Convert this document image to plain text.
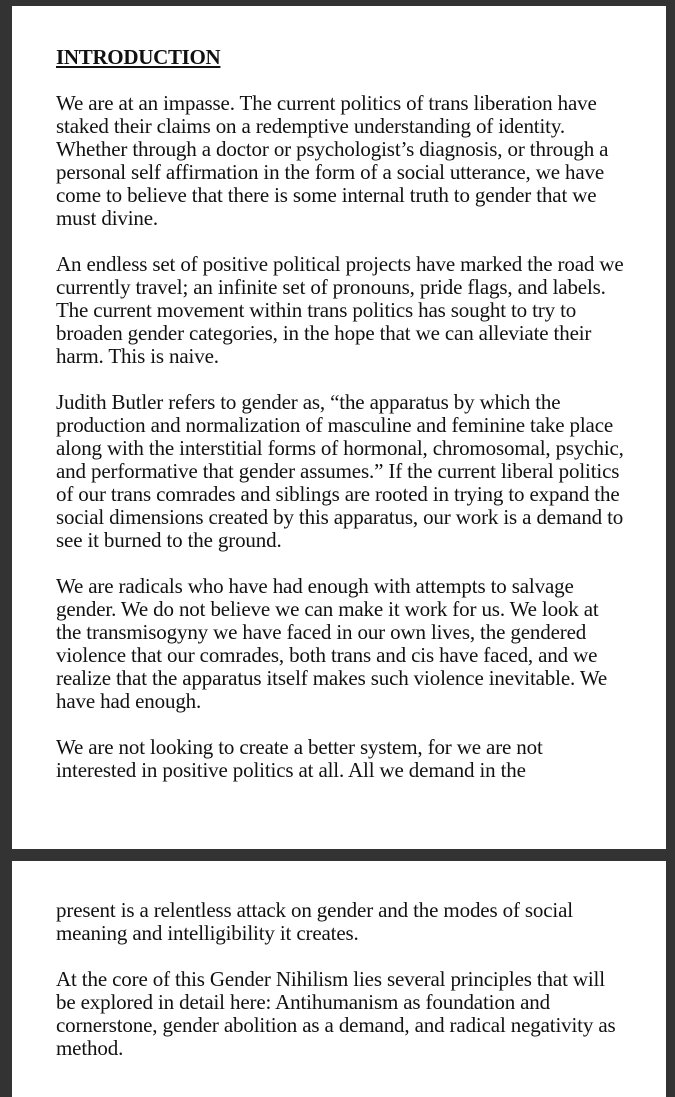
INTRODUCTION

We are at an impasse. The current politics of trans liberation have staked their claims on a redemptive understanding of identity. Whether through a doctor or psychologist’s diagnosis, or through a personal self affirmation in the form of a social utterance, we have come to believe that there is some internal truth to gender that we must divine.

An endless set of positive political projects have marked the road we currently travel; an infinite set of pronouns, pride flags, and labels. The current movement within trans politics has sought to try to broaden gender categories, in the hope that we can alleviate their harm. This is naive.

Judith Butler refers to gender as, “the apparatus by which the production and normalization of masculine and feminine take place along with the interstitial forms of hormonal, chromosomal, psychic, and performative that gender assumes.” If the current liberal politics of our trans comrades and siblings are rooted in trying to expand the social dimensions created by this apparatus, our work is a demand to see it burned to the ground.

We are radicals who have had enough with attempts to salvage gender. We do not believe we can make it work for us. We look at the transmisogyny we have faced in our own lives, the gendered violence that our comrades, both trans and cis have faced, and we realize that the apparatus itself makes such violence inevitable. We have had enough.

We are not looking to create a better system, for we are not interested in positive politics at all. All we demand in the

present is a relentless attack on gender and the modes of social meaning and intelligibility it creates.

At the core of this Gender Nihilism lies several principles that will be explored in detail here: Antihumanism as foundation and cornerstone, gender abolition as a demand, and radical negativity as method.
